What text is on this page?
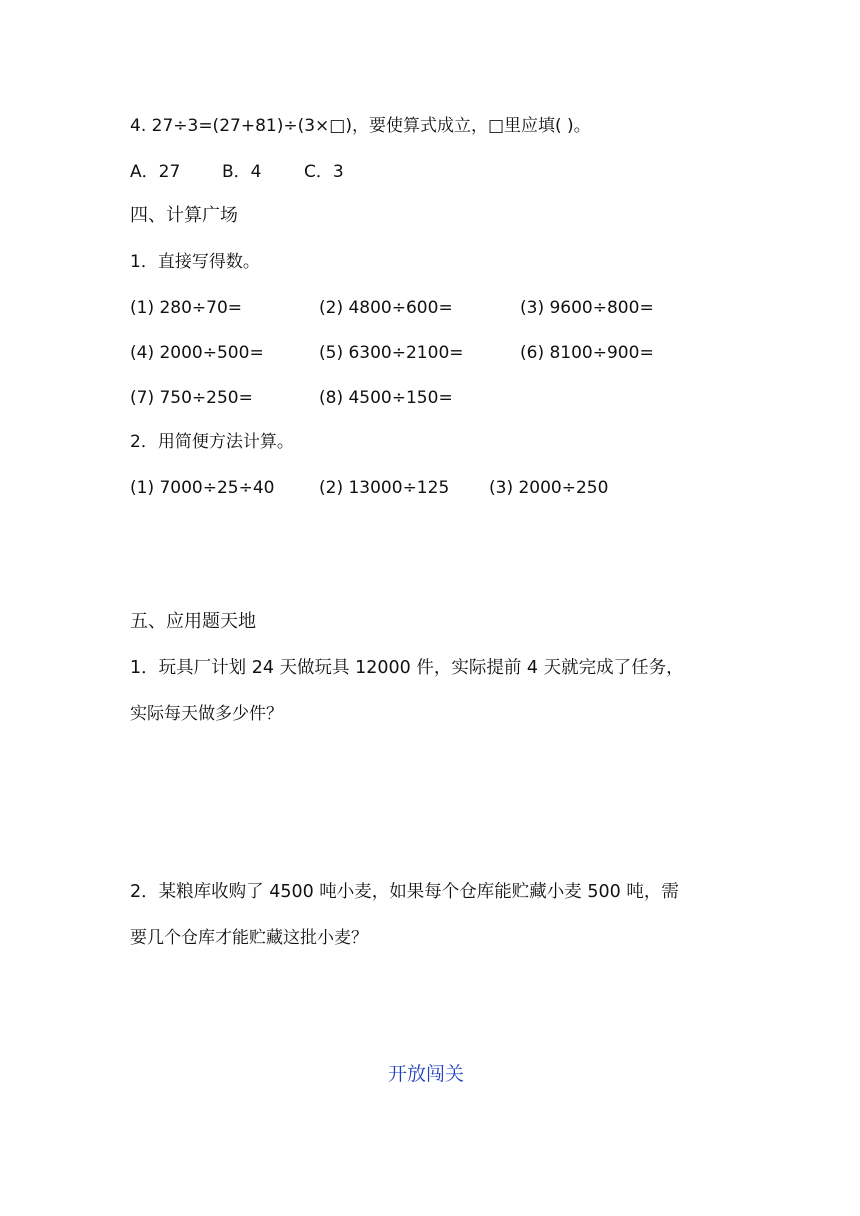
4. 27÷3=(27+81)÷(3×□)，要使算式成立，□里应填( )。
A．27 B．4	C．3
四、计算广场
1．直接写得数。
(1) 280÷70=	(2) 4800÷600=	(3) 9600÷800=
(4) 2000÷500=	(5) 6300÷2100=	(6) 8100÷900=
(7) 750÷250=	(8) 4500÷150=
2．用简便方法计算。
(1) 7000÷25÷40	(2) 13000÷125 (3) 2000÷250
五、应用题天地
1．玩具厂计划 24 天做玩具 12000 件，实际提前 4 天就完成了任务，
实际每天做多少件？
2．某粮库收购了 4500 吨小麦，如果每个仓库能贮藏小麦 500 吨，需
要几个仓库才能贮藏这批小麦？
开放闯关
